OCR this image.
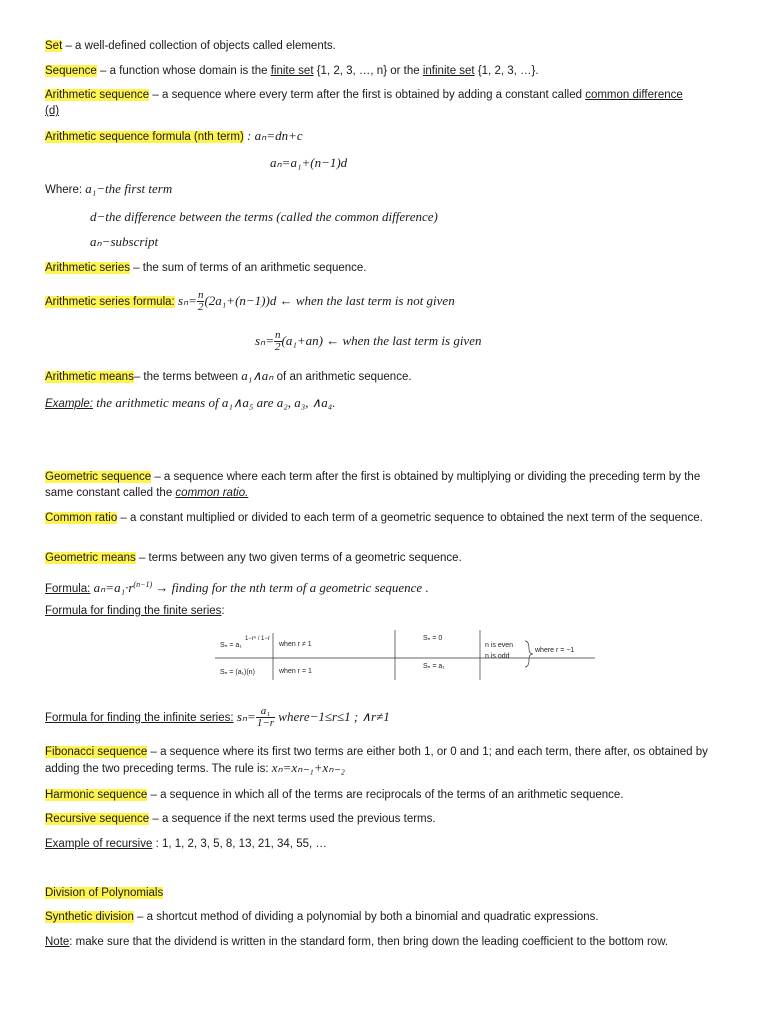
Set – a well-defined collection of objects called elements.
Sequence – a function whose domain is the finite set {1, 2, 3, …, n} or the infinite set {1, 2, 3, …}.
Arithmetic sequence – a sequence where every term after the first is obtained by adding a constant called common difference (d)
Arithmetic sequence formula (nth term) : aₙ=dn+c
aₙ=a₁+(n−1)d
Where: a₁−the first term
d−the difference between the terms (called the common difference)
aₙ−subscript
Arithmetic series – the sum of terms of an arithmetic sequence.
Arithmetic series formula: $s_n= \frac{n}{2} (2a_1+(n-1))d$ ← when the last term is not given
$s_n= \frac{n}{2} (a_1+an)$ ← when the last term is given
Arithmetic means– the terms between a₁∧aₙ of an arithmetic sequence.
Example: the arithmetic means of a₁∧a₅ are a₂, a₃, ∧a₄.
Geometric sequence – a sequence where each term after the first is obtained by multiplying or dividing the preceding term by the same constant called the common ratio.
Common ratio – a constant multiplied or divided to each term of a geometric sequence to obtained the next term of the sequence.
Geometric means – terms between any two given terms of a geometric sequence.
Formula: $a_n=a_1\cdot r^{(n-1)}$ → finding for the nth term of a geometric sequence .
Formula for finding the finite series:
Sₙ = a₁
1−rⁿ / 1−r
when r ≠ 1
Sₙ = (a₁)(n)	when r = 1
Sₙ = 0
Sₙ = a₁
n is even
n is odd
where r = −1
Formula for finding the infinite series: $s_n= \frac{\text{a₁}}{1-r}$ where−1≤r≤1 ; ∧r≠1
Fibonacci sequence – a sequence where its first two terms are either both 1, or 0 and 1; and each term, there after, os obtained by adding the two preceding terms. The rule is: xₙ=xₙ₋₁+xₙ₋₂
Harmonic sequence – a sequence in which all of the terms are reciprocals of the terms of an arithmetic sequence.
Recursive sequence – a sequence if the next terms used the previous terms.
Example of recursive : 1, 1, 2, 3, 5, 8, 13, 21, 34, 55, …
Division of Polynomials
Synthetic division – a shortcut method of dividing a polynomial by both a binomial and quadratic expressions.
Note: make sure that the dividend is written in the standard form, then bring down the leading coefficient to the bottom row.
